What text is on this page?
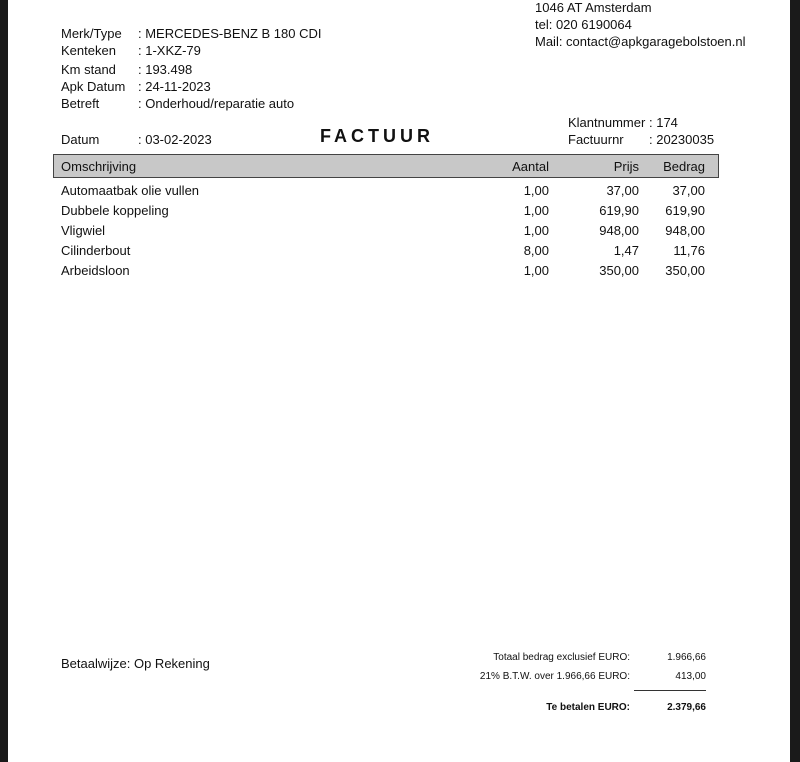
1046 AT Amsterdam
tel: 020 6190064
Mail: contact@apkgaragebolstoen.nl
Merk/Type : MERCEDES-BENZ B 180 CDI
Kenteken : 1-XKZ-79
Km stand : 193.498
Apk Datum : 24-11-2023
Betreft	: Onderhoud/reparatie auto
Datum	: 03-02-2023	FACTUUR
Klantnummer : 174
Factuurnr : 20230035
Omschrijving	Aantal	Prijs Bedrag
Automaatbak olie vullen	1,00	37,00	37,00
Dubbele koppeling	1,00	619,90 619,90
Vligwiel	1,00	948,00 948,00
Cilinderbout	8,00	1,47	11,76
Arbeidsloon	1,00	350,00 350,00
Betaalwijze: Op Rekening	Totaal bedrag exclusief EURO:	1.966,66
21% B.T.W. over 1.966,66 EURO:	413,00
Te betalen EURO:	2.379,66
